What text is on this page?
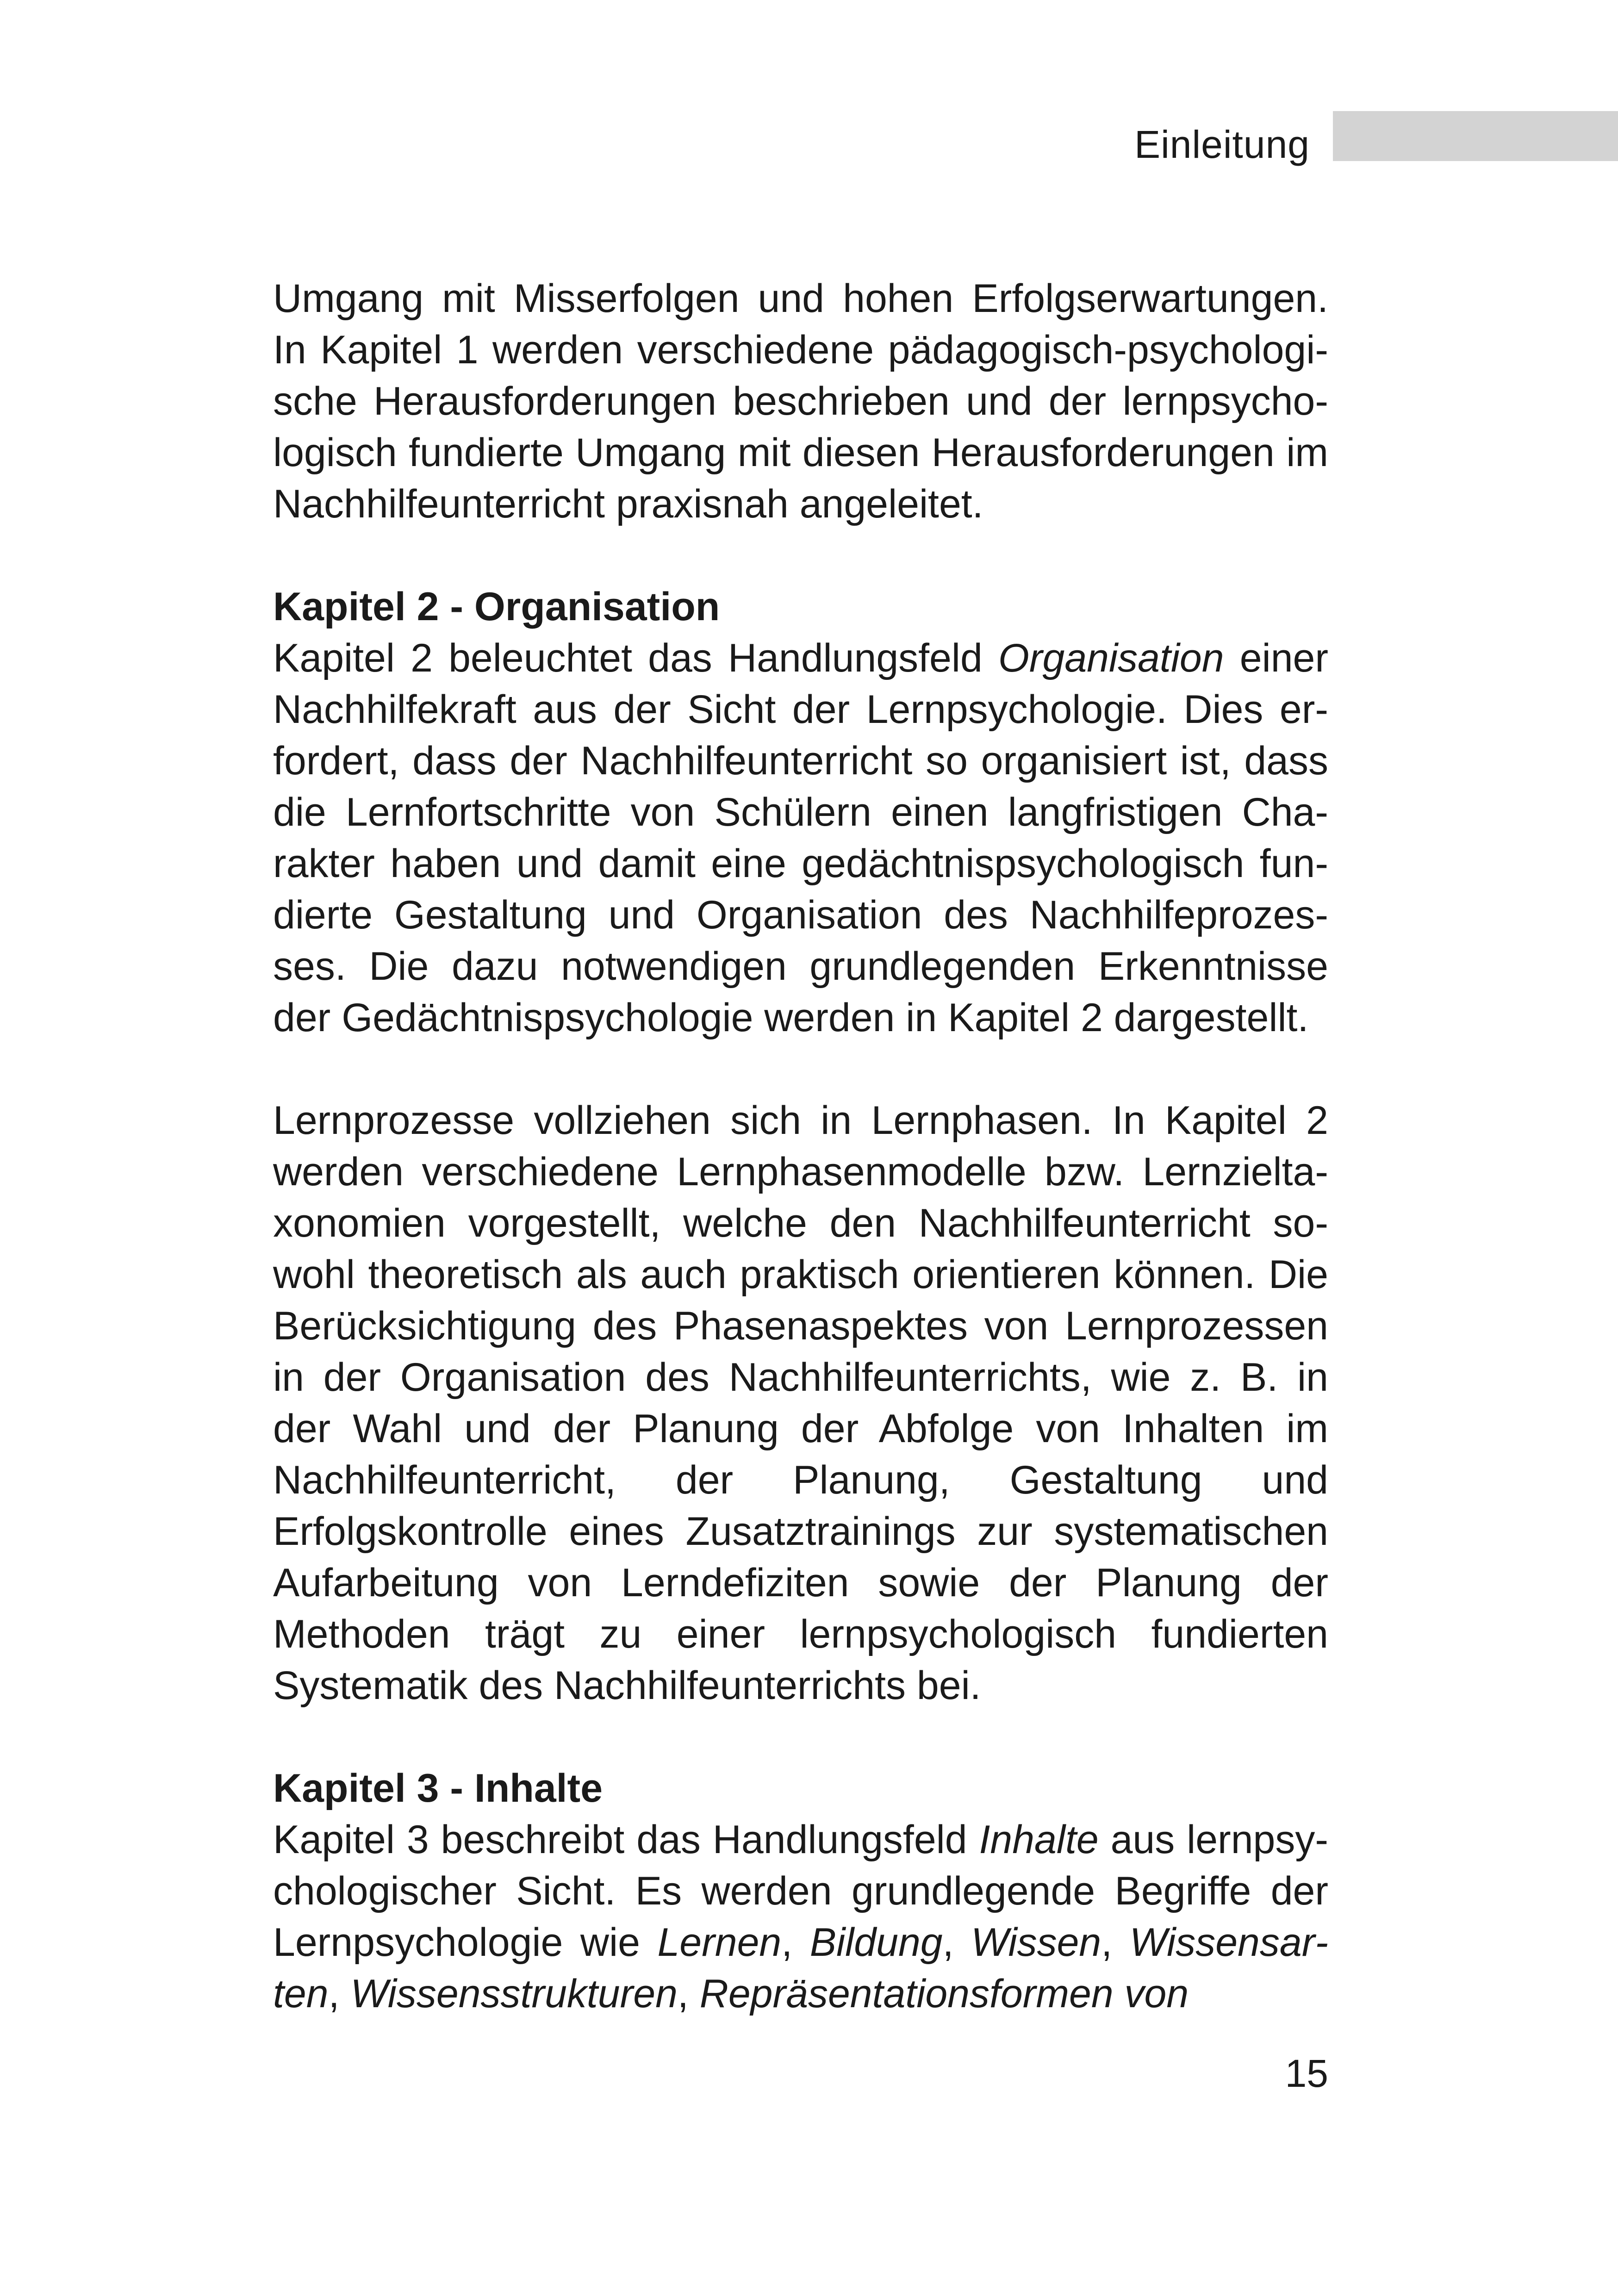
Einleitung

Umgang mit Misserfolgen und hohen Erfolgserwartungen. In Kapitel 1 werden verschiedene pädagogisch-psychologische Herausforderungen beschrieben und der lernpsychologisch fundierte Umgang mit diesen Herausforderungen im Nachhilfeunterricht praxisnah angeleitet.

Kapitel 2 - Organisation

Kapitel 2 beleuchtet das Handlungsfeld Organisation einer Nachhilfekraft aus der Sicht der Lernpsychologie. Dies erfordert, dass der Nachhilfeunterricht so organisiert ist, dass die Lernfortschritte von Schülern einen langfristigen Charakter haben und damit eine gedächtnispsychologisch fundierte Gestaltung und Organisation des Nachhilfeprozesses. Die dazu notwendigen grundlegenden Erkenntnisse der Gedächtnispsychologie werden in Kapitel 2 dargestellt.

Lernprozesse vollziehen sich in Lernphasen. In Kapitel 2 werden verschiedene Lernphasenmodelle bzw. Lernzieltaxonomien vorgestellt, welche den Nachhilfeunterricht sowohl theoretisch als auch praktisch orientieren können. Die Berücksichtigung des Phasenaspektes von Lernprozessen in der Organisation des Nachhilfeunterrichts, wie z. B. in der Wahl und der Planung der Abfolge von Inhalten im Nachhilfeunterricht, der Planung, Gestaltung und Erfolgskontrolle eines Zusatztrainings zur systematischen Aufarbeitung von Lerndefiziten sowie der Planung der Methoden trägt zu einer lernpsychologisch fundierten Systematik des Nachhilfeunterrichts bei.

Kapitel 3 - Inhalte

Kapitel 3 beschreibt das Handlungsfeld Inhalte aus lernpsychologischer Sicht. Es werden grundlegende Begriffe der Lernpsychologie wie Lernen, Bildung, Wissen, Wissensarten, Wissensstrukturen, Repräsentationsformen von

15
